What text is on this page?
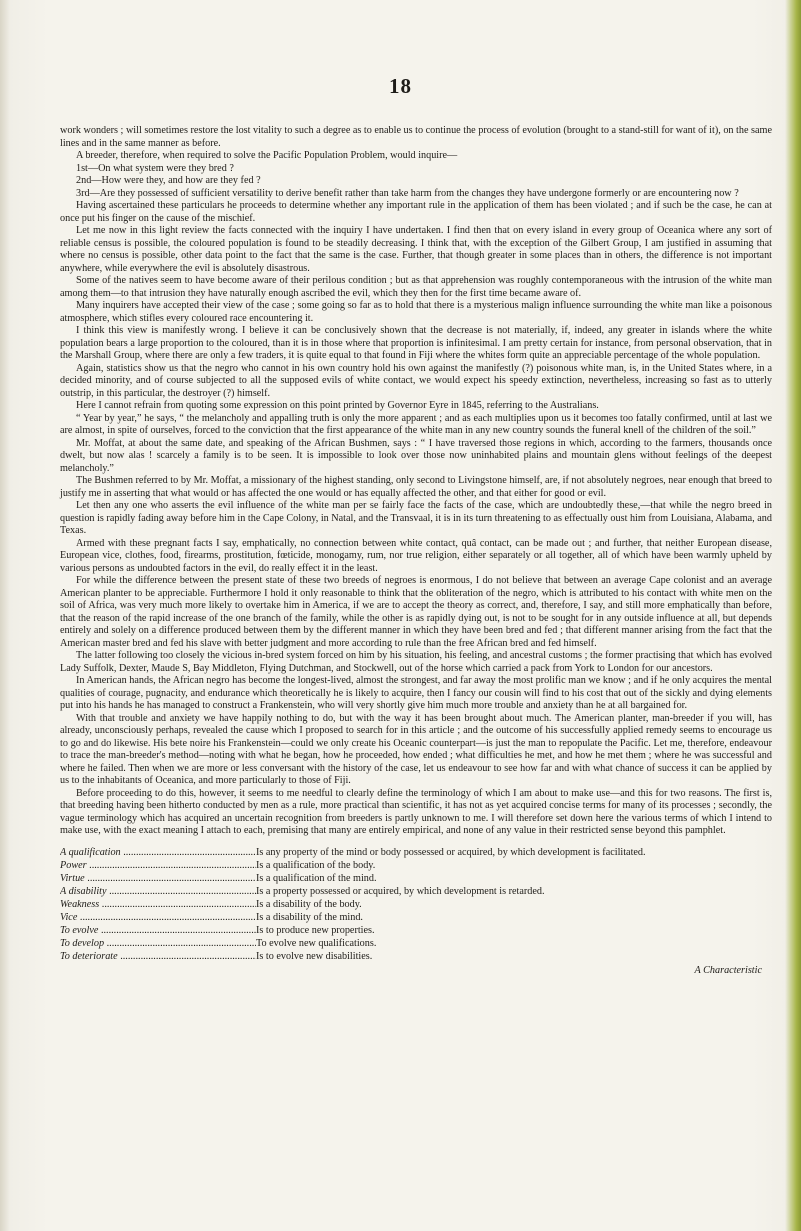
18

work wonders ; will sometimes restore the lost vitality to such a degree as to enable us to continue the process of evolution (brought to a stand-still for want of it), on the same lines and in the same manner as before.

A breeder, therefore, when required to solve the Pacific Population Problem, would inquire—

1st—On what system were they bred ?

2nd—How were they, and how are they fed ?

3rd—Are they possessed of sufficient versatility to derive benefit rather than take harm from the changes they have undergone formerly or are encountering now ?

Having ascertained these particulars he proceeds to determine whether any important rule in the application of them has been violated ; and if such be the case, he can at once put his finger on the cause of the mischief.

Let me now in this light review the facts connected with the inquiry I have undertaken. I find then that on every island in every group of Oceanica where any sort of reliable census is possible, the coloured population is found to be steadily decreasing. I think that, with the exception of the Gilbert Group, I am justified in assuming that where no census is possible, other data point to the fact that the same is the case. Further, that though greater in some places than in others, the difference is not important anywhere, while everywhere the evil is absolutely disastrous.

Some of the natives seem to have become aware of their perilous condition ; but as that apprehension was roughly contemporaneous with the intrusion of the white man among them—to that intrusion they have naturally enough ascribed the evil, which they then for the first time became aware of.

Many inquirers have accepted their view of the case ; some going so far as to hold that there is a mysterious malign influence surrounding the white man like a poisonous atmosphere, which stifles every coloured race encountering it.

I think this view is manifestly wrong. I believe it can be conclusively shown that the decrease is not materially, if, indeed, any greater in islands where the white population bears a large proportion to the coloured, than it is in those where that proportion is infinitesimal. I am pretty certain for instance, from personal observation, that in the Marshall Group, where there are only a few traders, it is quite equal to that found in Fiji where the whites form quite an appreciable percentage of the whole population.

Again, statistics show us that the negro who cannot in his own country hold his own against the manifestly (?) poisonous white man, is, in the United States where, in a decided minority, and of course subjected to all the supposed evils of white contact, we would expect his speedy extinction, nevertheless, increasing so fast as to utterly outstrip, in this particular, the destroyer (?) himself.

Here I cannot refrain from quoting some expression on this point printed by Governor Eyre in 1845, referring to the Australians.

“ Year by year,” he says, “ the melancholy and appalling truth is only the more apparent ; and as each multiplies upon us it becomes too fatally confirmed, until at last we are almost, in spite of ourselves, forced to the conviction that the first appearance of the white man in any new country sounds the funeral knell of the children of the soil.”

Mr. Moffat, at about the same date, and speaking of the African Bushmen, says : “ I have traversed those regions in which, according to the farmers, thousands once dwelt, but now alas ! scarcely a family is to be seen. It is impossible to look over those now uninhabited plains and mountain glens without feelings of the deepest melancholy.”

The Bushmen referred to by Mr. Moffat, a missionary of the highest standing, only second to Livingstone himself, are, if not absolutely negroes, near enough that breed to justify me in asserting that what would or has affected the one would or has equally affected the other, and that either for good or evil.

Let then any one who asserts the evil influence of the white man per se fairly face the facts of the case, which are undoubtedly these,—that while the negro breed in question is rapidly fading away before him in the Cape Colony, in Natal, and the Transvaal, it is in its turn threatening to as effectually oust him from Louisiana, Alabama, and Texas.

Armed with these pregnant facts I say, emphatically, no connection between white contact, quâ contact, can be made out ; and further, that neither European disease, European vice, clothes, food, firearms, prostitution, fœticide, monogamy, rum, nor true religion, either separately or all together, all of which have been warmly upheld by various persons as undoubted factors in the evil, do really effect it in the least.

For while the difference between the present state of these two breeds of negroes is enormous, I do not believe that between an average Cape colonist and an average American planter to be appreciable. Furthermore I hold it only reasonable to think that the obliteration of the negro, which is attributed to his contact with white men on the soil of Africa, was very much more likely to overtake him in America, if we are to accept the theory as correct, and, therefore, I say, and still more emphatically than before, that the reason of the rapid increase of the one branch of the family, while the other is as rapidly dying out, is not to be sought for in any outside influence at all, but depends entirely and solely on a difference produced between them by the different manner in which they have been bred and fed ; that different manner arising from the fact that the American master bred and fed his slave with better judgment and more according to rule than the free African bred and fed himself.

The latter following too closely the vicious in-bred system forced on him by his situation, his feeling, and ancestral customs ; the former practising that which has evolved Lady Suffolk, Dexter, Maude S, Bay Middleton, Flying Dutchman, and Stockwell, out of the horse which carried a pack from York to London for our ancestors.

In American hands, the African negro has become the longest-lived, almost the strongest, and far away the most prolific man we know ; and if he only acquires the mental qualities of courage, pugnacity, and endurance which theoretically he is likely to acquire, then I fancy our cousin will find to his cost that out of the sickly and dying elements put into his hands he has managed to construct a Frankenstein, who will very shortly give him much more trouble and anxiety than he at all bargained for.

With that trouble and anxiety we have happily nothing to do, but with the way it has been brought about much. The American planter, man-breeder if you will, has already, unconsciously perhaps, revealed the cause which I proposed to search for in this article ; and the outcome of his successfully applied remedy seems to encourage us to go and do likewise. His bete noire his Frankenstein—could we only create his Oceanic counterpart—is just the man to repopulate the Pacific. Let me, therefore, endeavour to trace the man-breeder's method—noting with what he began, how he proceeded, how ended ; what difficulties he met, and how he met them ; where he was successful and where he failed. Then when we are more or less conversant with the history of the case, let us endeavour to see how far and with what chance of success it can be applied by us to the inhabitants of Oceanica, and more particularly to those of Fiji.

Before proceeding to do this, however, it seems to me needful to clearly define the terminology of which I am about to make use—and this for two reasons. The first is, that breeding having been hitherto conducted by men as a rule, more practical than scientific, it has not as yet acquired concise terms for many of its processes ; secondly, the vague terminology which has acquired an uncertain recognition from breeders is partly unknown to me. I will therefore set down here the various terms of which I intend to make use, with the exact meaning I attach to each, premising that many are entirely empirical, and none of any value in their restricted sense beyond this pamphlet.

A qualification .....	Is any property of the mind or body possessed or acquired, by which development is facilitated.
Power .....	Is a qualification of the body.
Virtue .....	Is a qualification of the mind.
A disability .....	Is a property possessed or acquired, by which development is retarded.
Weakness .....	Is a disability of the body.
Vice .....	Is a disability of the mind.
To evolve .....	Is to produce new properties.
To develop .....	To evolve new qualifications.
To deteriorate .....	Is to evolve new disabilities.
A Characteristic
